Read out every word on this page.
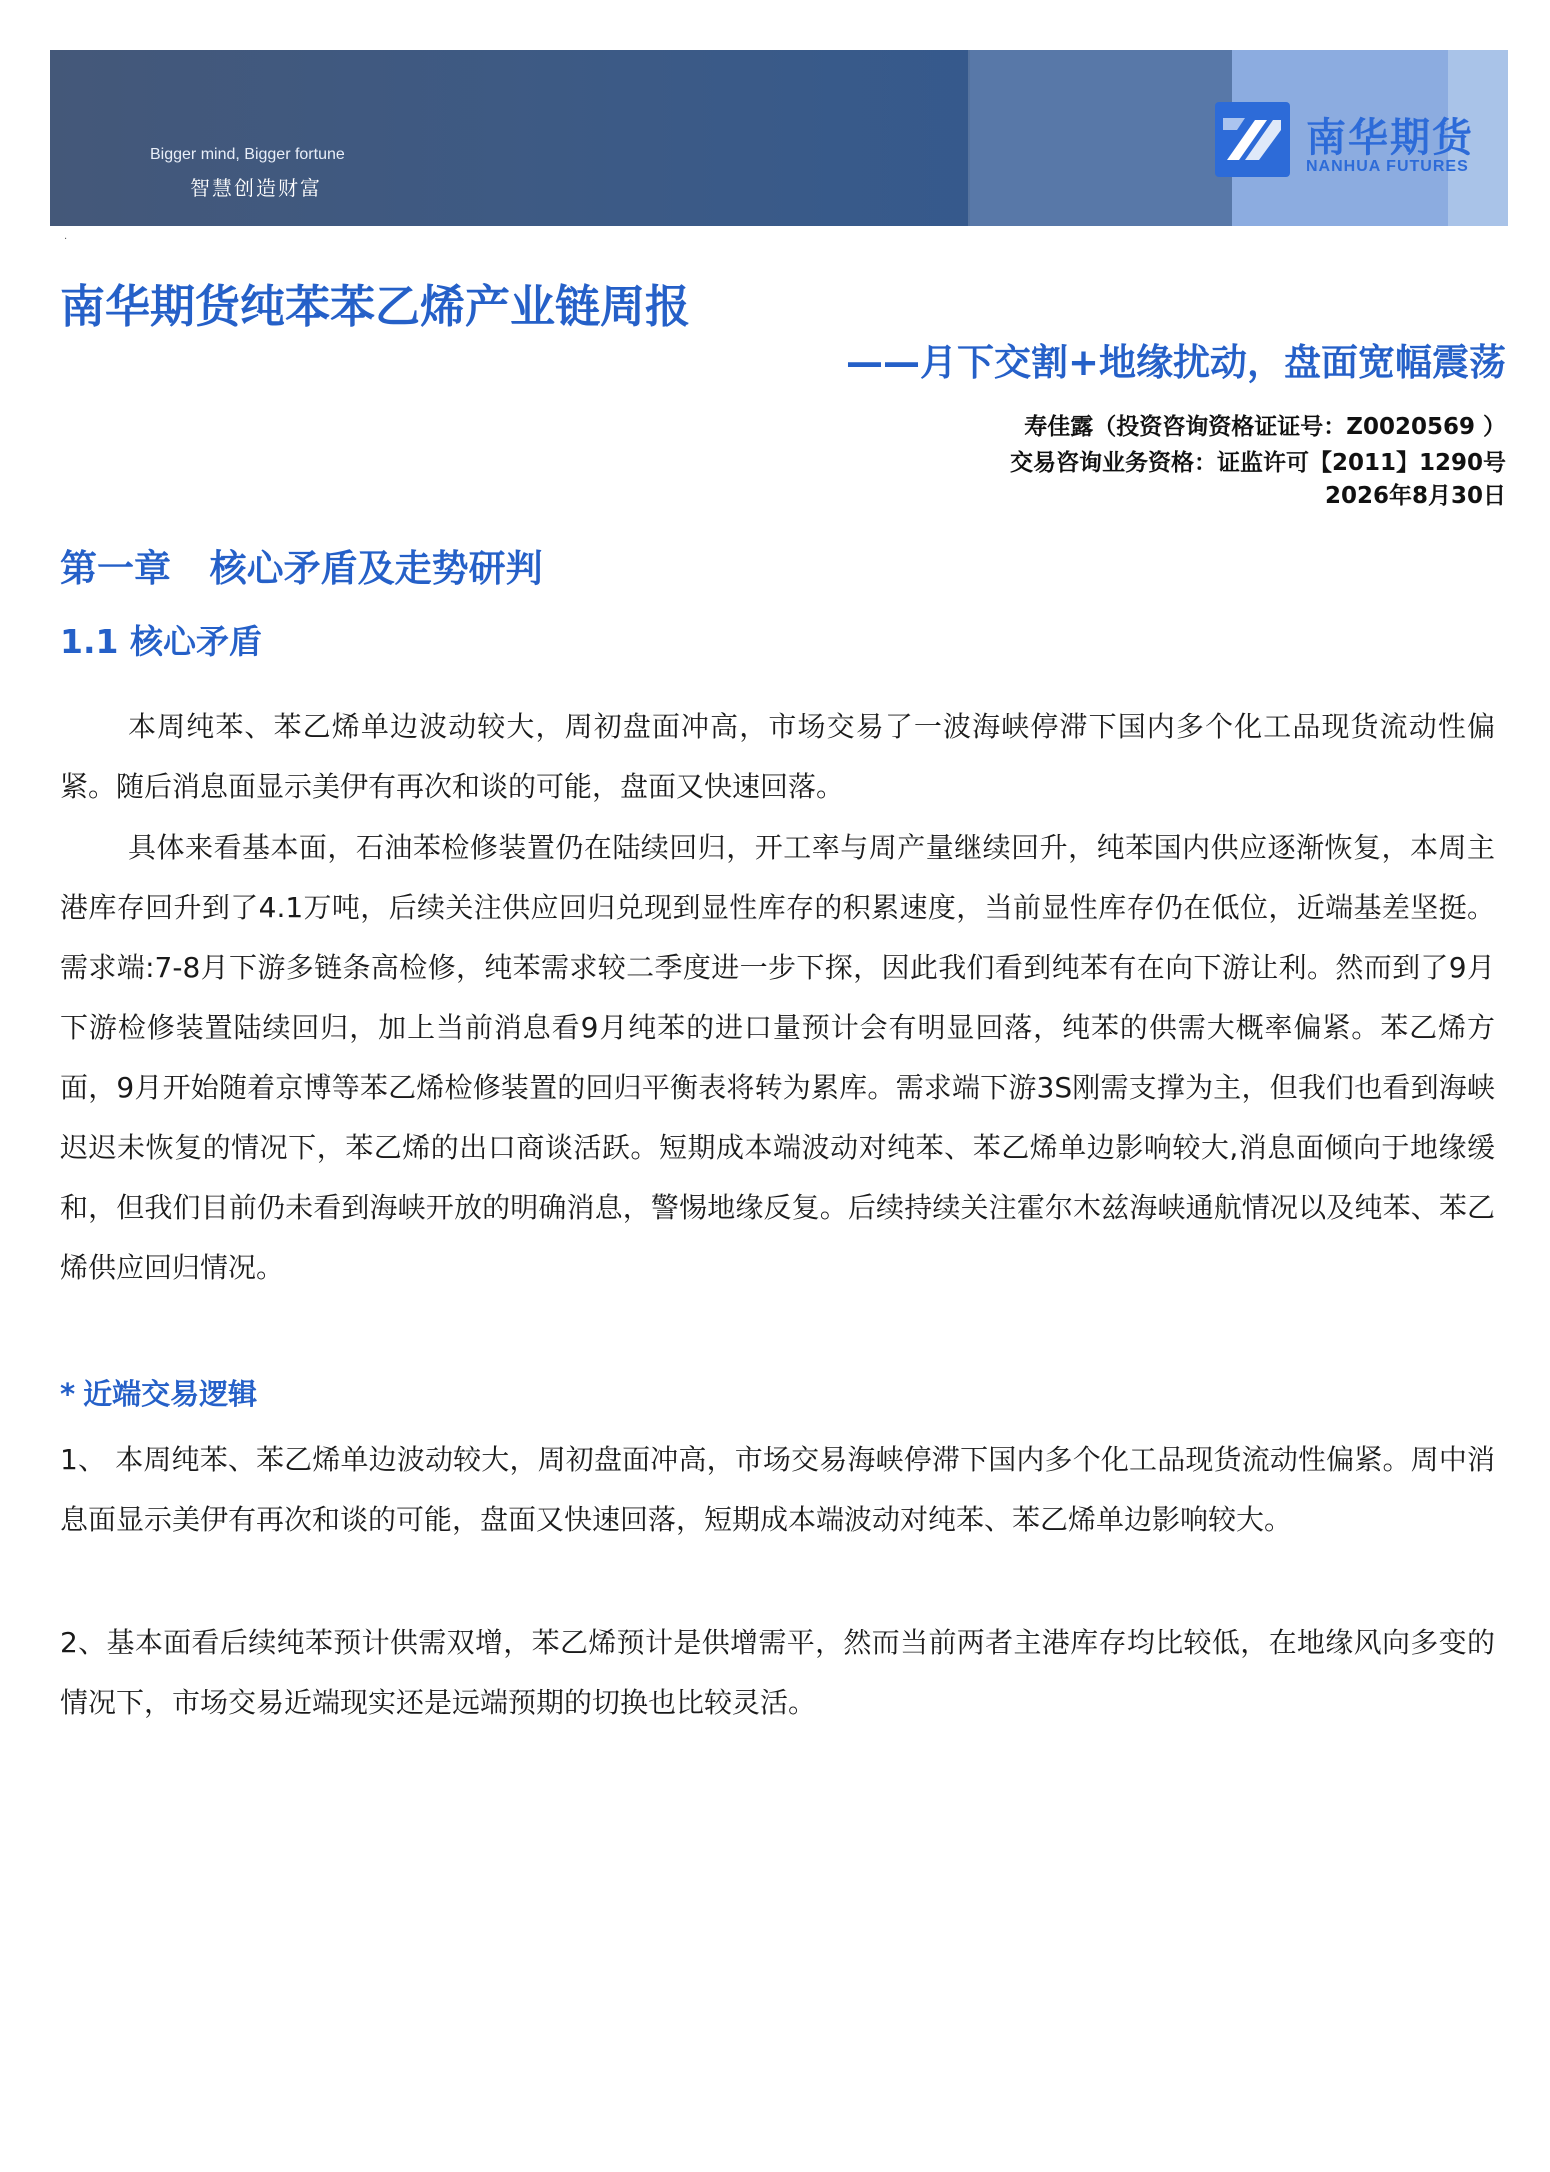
Bigger mind, Bigger fortune
智慧创造财富
南华期货
NANHUA FUTURES
·
南华期货纯苯苯乙烯产业链周报
——月下交割+地缘扰动，盘面宽幅震荡
寿佳露（投资咨询资格证证号：Z0020569 ）
交易咨询业务资格：证监许可【2011】1290号
2026年8月30日
第一章   核心矛盾及走势研判
1.1 核心矛盾

本周纯苯、苯乙烯单边波动较大，周初盘面冲高，市场交易了一波海峡停滞下国内多个化工品现货流动性偏紧。随后消息面显示美伊有再次和谈的可能，盘面又快速回落。

具体来看基本面，石油苯检修装置仍在陆续回归，开工率与周产量继续回升，纯苯国内供应逐渐恢复，本周主港库存回升到了4.1万吨，后续关注供应回归兑现到显性库存的积累速度，当前显性库存仍在低位，近端基差坚挺。需求端:7-8月下游多链条高检修，纯苯需求较二季度进一步下探，因此我们看到纯苯有在向下游让利。然而到了9月下游检修装置陆续回归，加上当前消息看9月纯苯的进口量预计会有明显回落，纯苯的供需大概率偏紧。苯乙烯方面，9月开始随着京博等苯乙烯检修装置的回归平衡表将转为累库。需求端下游3S刚需支撑为主，但我们也看到海峡迟迟未恢复的情况下，苯乙烯的出口商谈活跃。短期成本端波动对纯苯、苯乙烯单边影响较大,消息面倾向于地缘缓和，但我们目前仍未看到海峡开放的明确消息，警惕地缘反复。后续持续关注霍尔木兹海峡通航情况以及纯苯、苯乙烯供应回归情况。

* 近端交易逻辑

1、 本周纯苯、苯乙烯单边波动较大，周初盘面冲高，市场交易海峡停滞下国内多个化工品现货流动性偏紧。周中消息面显示美伊有再次和谈的可能，盘面又快速回落，短期成本端波动对纯苯、苯乙烯单边影响较大。

2、基本面看后续纯苯预计供需双增，苯乙烯预计是供增需平，然而当前两者主港库存均比较低，在地缘风向多变的情况下，市场交易近端现实还是远端预期的切换也比较灵活。
